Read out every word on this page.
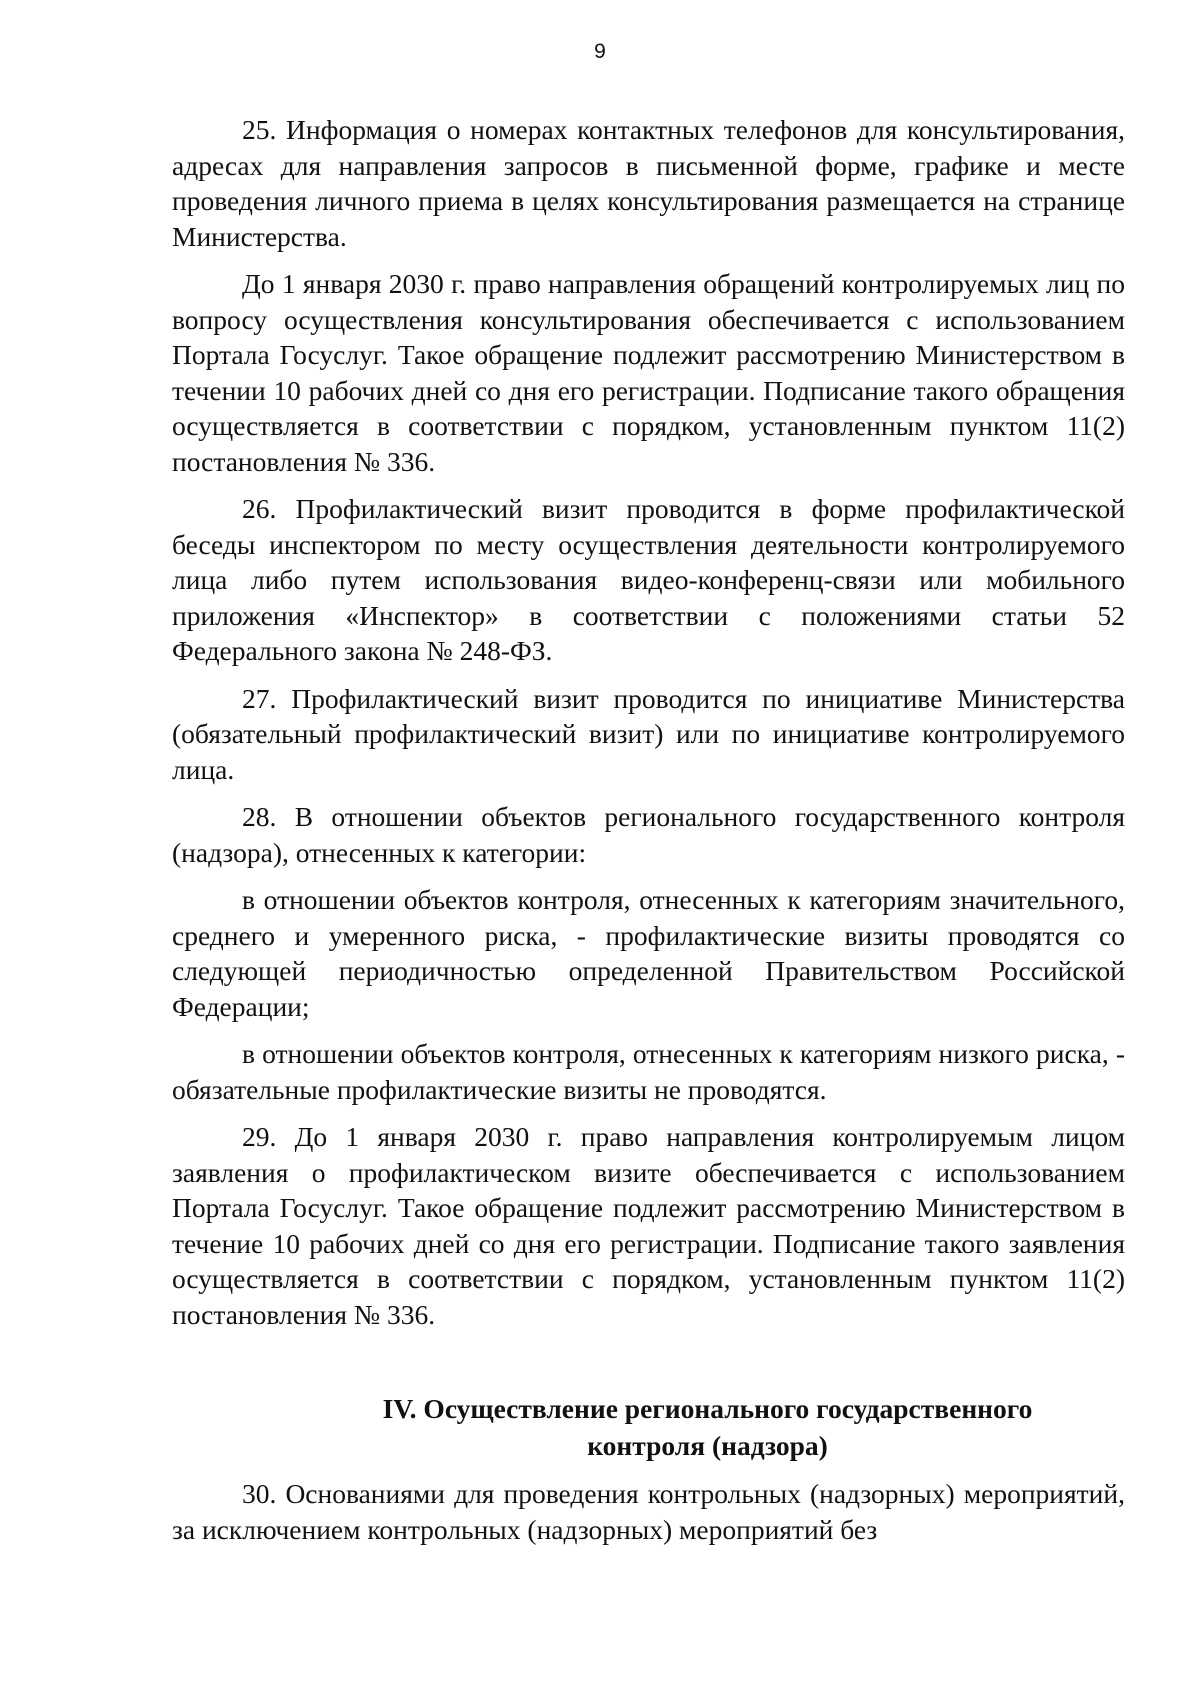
9

25. Информация о номерах контактных телефонов для консультирования, адресах для направления запросов в письменной форме, графике и месте проведения личного приема в целях консультирования размещается на странице Министерства.

До 1 января 2030 г. право направления обращений контролируемых лиц по вопросу осуществления консультирования обеспечивается с использованием Портала Госуслуг. Такое обращение подлежит рассмотрению Министерством в течении 10 рабочих дней со дня его регистрации. Подписание такого обращения осуществляется в соответствии с порядком, установленным пунктом 11(2) постановления № 336.

26. Профилактический визит проводится в форме профилактической беседы инспектором по месту осуществления деятельности контролируемого лица либо путем использования видео-конференц-связи или мобильного приложения «Инспектор» в соответствии с положениями статьи 52 Федерального закона № 248-ФЗ.

27. Профилактический визит проводится по инициативе Министерства (обязательный профилактический визит) или по инициативе контролируемого лица.

28. В отношении объектов регионального государственного контроля (надзора), отнесенных к категории:

в отношении объектов контроля, отнесенных к категориям значительного, среднего и умеренного риска, - профилактические визиты проводятся со следующей периодичностью определенной Правительством Российской Федерации;

в отношении объектов контроля, отнесенных к категориям низкого риска, - обязательные профилактические визиты не проводятся.

29. До 1 января 2030 г. право направления контролируемым лицом заявления о профилактическом визите обеспечивается с использованием Портала Госуслуг. Такое обращение подлежит рассмотрению Министерством в течение 10 рабочих дней со дня его регистрации. Подписание такого заявления осуществляется в соответствии с порядком, установленным пунктом 11(2) постановления № 336.

IV. Осуществление регионального государственного
контроля (надзора)

30. Основаниями для проведения контрольных (надзорных) мероприятий, за исключением контрольных (надзорных) мероприятий без
